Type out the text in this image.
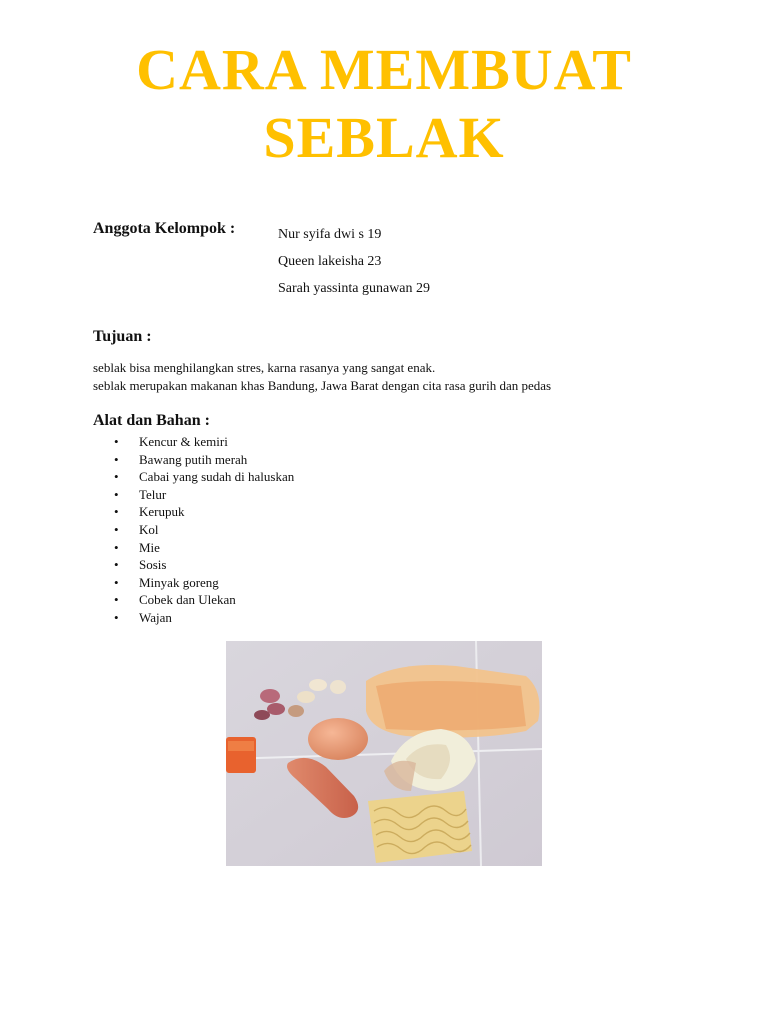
CARA MEMBUAT
SEBLAK
Anggota Kelompok :	Nur syifa dwi s 19
Queen lakeisha 23
Sarah yassinta gunawan 29
Tujuan :
seblak bisa menghilangkan stres, karna rasanya yang sangat enak.
seblak merupakan makanan khas Bandung, Jawa Barat dengan cita rasa gurih dan pedas
Alat dan Bahan :
• Kencur & kemiri
• Bawang putih merah
• Cabai yang sudah di haluskan
• Telur
• Kerupuk
• Kol
• Mie
• Sosis
• Minyak goreng
• Cobek dan Ulekan
• Wajan
